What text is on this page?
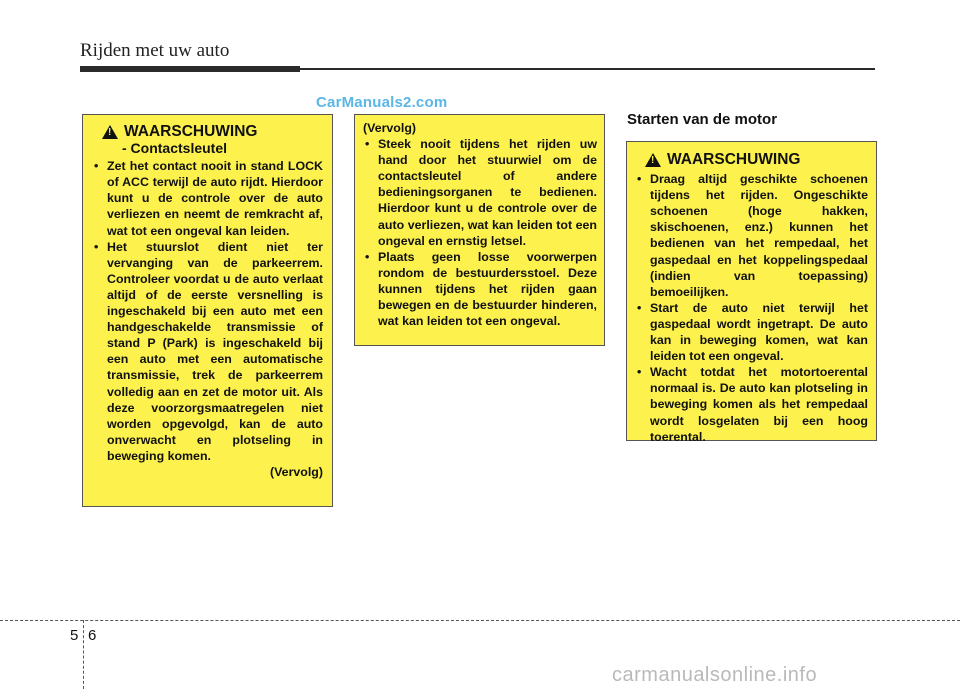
Rijden met uw auto
CarManuals2.com
!
WAARSCHUWING
- Contactsleutel
• Zet het contact nooit in stand LOCK of ACC terwijl de auto rijdt. Hierdoor kunt u de controle over de auto verliezen en neemt de remkracht af, wat tot een ongeval kan leiden.
• Het stuurslot dient niet ter vervanging van de parkeerrem. Controleer voordat u de auto verlaat altijd of de eerste versnelling is ingeschakeld bij een auto met een handgeschakelde transmissie of stand P (Park) is ingeschakeld bij een auto met een automatische transmissie, trek de parkeerrem volledig aan en zet de motor uit. Als deze voorzorgsmaatregelen niet worden opgevolgd, kan de auto onverwacht en plotseling in beweging komen.
(Vervolg)
(Vervolg)
• Steek nooit tijdens het rijden uw hand door het stuurwiel om de contactsleutel of andere bedieningsorganen te bedienen. Hierdoor kunt u de controle over de auto verliezen, wat kan leiden tot een ongeval en ernstig letsel.
• Plaats geen losse voorwerpen rondom de bestuurdersstoel. Deze kunnen tijdens het rijden gaan bewegen en de bestuurder hinderen, wat kan leiden tot een ongeval.
Starten van de motor
!
WAARSCHUWING
• Draag altijd geschikte schoenen tijdens het rijden. Ongeschikte schoenen (hoge hakken, skischoenen, enz.) kunnen het bedienen van het rempedaal, het gaspedaal en het koppelingspedaal (indien van toepassing) bemoeilijken.
• Start de auto niet terwijl het gaspedaal wordt ingetrapt. De auto kan in beweging komen, wat kan leiden tot een ongeval.
• Wacht totdat het motortoerental normaal is. De auto kan plotseling in beweging komen als het rempedaal wordt losgelaten bij een hoog toerental.
5 6
carmanualsonline.info
